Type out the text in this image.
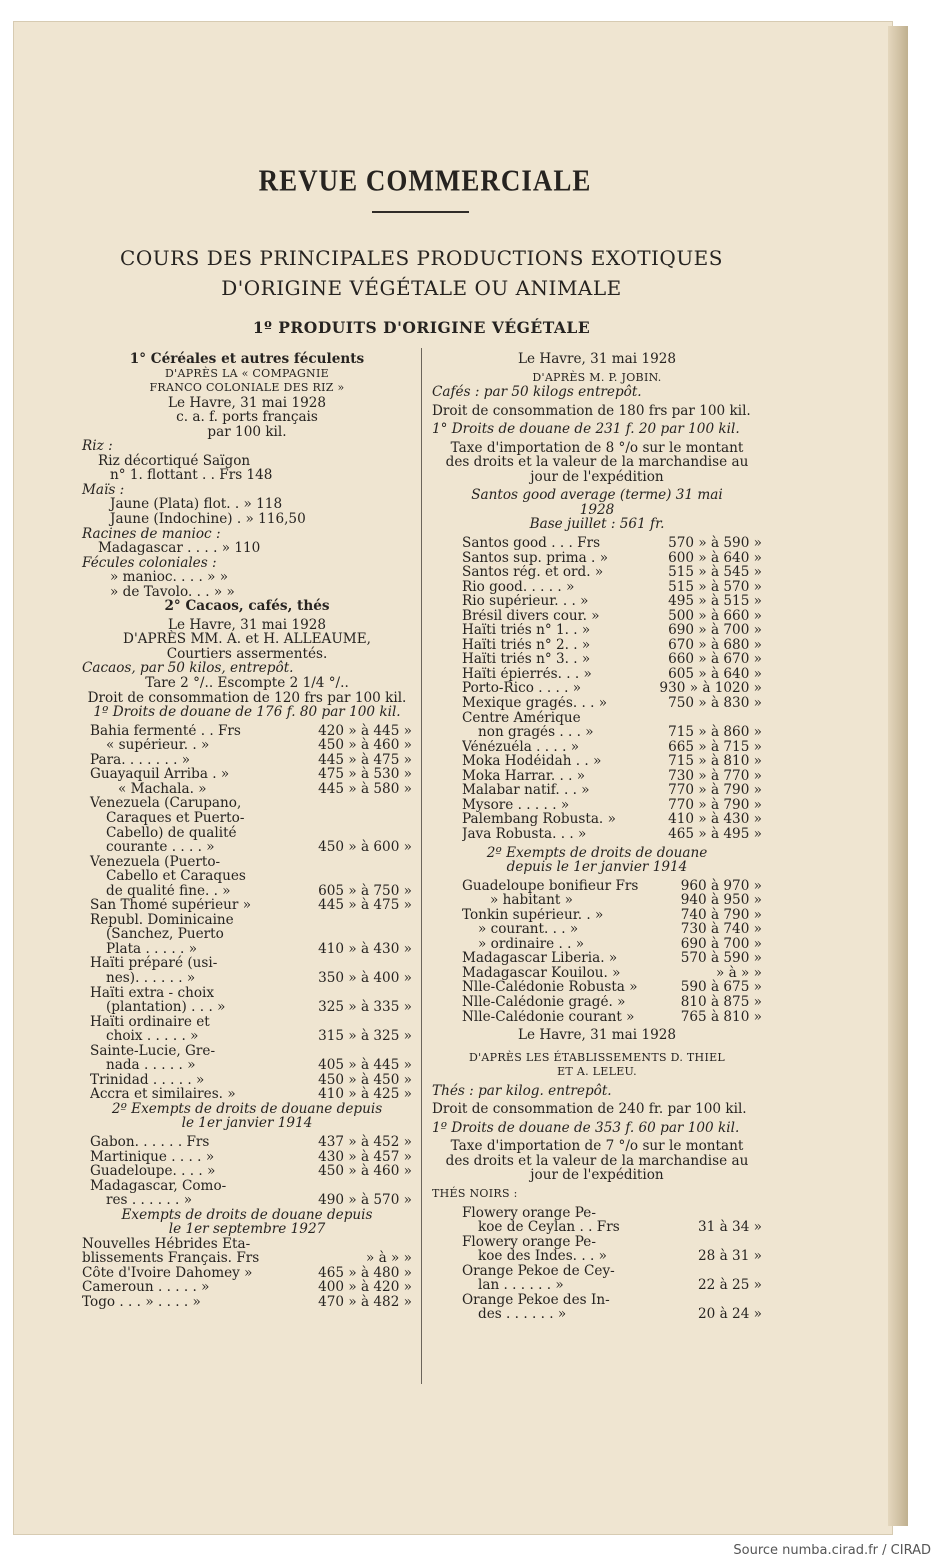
REVUE COMMERCIALE
COURS DES PRINCIPALES PRODUCTIONS EXOTIQUES
D'ORIGINE VÉGÉTALE OU ANIMALE
1º PRODUITS D'ORIGINE VÉGÉTALE
1° Céréales et autres féculents
D'APRÈS LA « COMPAGNIE
FRANCO COLONIALE DES RIZ »
Le Havre, 31 mai 1928
c. a. f. ports français
par 100 kil.
Riz :
Riz décortiqué Saïgon
n° 1. flottant . . Frs 148
Maïs :
Jaune (Plata) flot. . » 118
Jaune (Indochine) . » 116,50
Racines de manioc :
Madagascar . . . . » 110
Fécules coloniales :
» manioc. . . . » »
» de Tavolo. . . » »
2° Cacaos, cafés, thés
Le Havre, 31 mai 1928
D'APRÈS MM. A. et H. ALLEAUME,
Courtiers assermentés.
Cacaos, par 50 kilos, entrepôt.
Tare 2 °/.. Escompte 2 1/4 °/..
Droit de consommation de 120 frs par 100 kil.
1º Droits de douane de 176 f. 80 par 100 kil.
Bahia fermenté . . Frs	420 » à 445 »
« supérieur. . »	450 » à 460 »
Para. . . . . . . »	445 » à 475 »
Guayaquil Arriba . »	475 » à 530 »
« Machala. »	445 » à 580 »
Venezuela (Carupano,
Caraques et Puerto-
Cabello) de qualité
courante . . . . »	450 » à 600 »
Venezuela (Puerto-
Cabello et Caraques
de qualité fine. . »	605 » à 750 »
San Thomé supérieur »	445 » à 475 »
Republ. Dominicaine
(Sanchez, Puerto
Plata . . . . . »	410 » à 430 »
Haïti préparé (usi-
nes). . . . . . »	350 » à 400 »
Haïti extra - choix
(plantation) . . . »	325 » à 335 »
Haïti ordinaire et
choix . . . . . »	315 » à 325 »
Sainte-Lucie, Gre-
nada . . . . . »	405 » à 445 »
Trinidad . . . . . »	450 » à 450 »
Accra et similaires. »	410 » à 425 »
2º Exempts de droits de douane depuis
le 1er janvier 1914
Gabon. . . . . . Frs	437 » à 452 »
Martinique . . . . »	430 » à 457 »
Guadeloupe. . . . »	450 » à 460 »
Madagascar, Como-
res . . . . . . »	490 » à 570 »
Exempts de droits de douane depuis
le 1er septembre 1927
Nouvelles Hébrides Eta-
blissements Français. Frs	» à » »
Côte d'Ivoire Dahomey »	465 » à 480 »
Cameroun . . . . . »	400 » à 420 »
Togo . . . » . . . . »	470 » à 482 »
Le Havre, 31 mai 1928
D'APRÈS M. P. JOBIN.
Cafés : par 50 kilogs entrepôt.
Droit de consommation de 180 frs par 100 kil.
1° Droits de douane de 231 f. 20 par 100 kil.
Taxe d'importation de 8 °/o sur le montant
des droits et la valeur de la marchandise au
jour de l'expédition
Santos good average (terme) 31 mai
1928
Base juillet : 561 fr.
Santos good . . . Frs	570 » à 590 »
Santos sup. prima . »	600 » à 640 »
Santos rég. et ord. »	515 » à 545 »
Rio good. . . . . »	515 » à 570 »
Rio supérieur. . . »	495 » à 515 »
Brésil divers cour. »	500 » à 660 »
Haïti triés n° 1. . »	690 » à 700 »
Haïti triés n° 2. . »	670 » à 680 »
Haïti triés n° 3. . »	660 » à 670 »
Haïti épierrés. . . »	605 » à 640 »
Porto-Rico . . . . »	930 » à 1020 »
Mexique gragés. . . »	750 » à 830 »
Centre Amérique
non gragés . . . »	715 » à 860 »
Vénézuéla . . . . »	665 » à 715 »
Moka Hodéidah . . »	715 » à 810 »
Moka Harrar. . . »	730 » à 770 »
Malabar natif. . . »	770 » à 790 »
Mysore . . . . . »	770 » à 790 »
Palembang Robusta. »	410 » à 430 »
Java Robusta. . . »	465 » à 495 »
2º Exempts de droits de douane
depuis le 1er janvier 1914
Guadeloupe bonifieur Frs	960 à 970 »
» habitant »	940 à 950 »
Tonkin supérieur. . »	740 à 790 »
» courant. . . »	730 à 740 »
» ordinaire . . »	690 à 700 »
Madagascar Liberia. »	570 à 590 »
Madagascar Kouilou. »	» à » »
Nlle-Calédonie Robusta »	590 à 675 »
Nlle-Calédonie gragé. »	810 à 875 »
Nlle-Calédonie courant »	765 à 810 »
Le Havre, 31 mai 1928
D'APRÈS LES ÉTABLISSEMENTS D. THIEL
ET A. LELEU.
Thés : par kilog. entrepôt.
Droit de consommation de 240 fr. par 100 kil.
1º Droits de douane de 353 f. 60 par 100 kil.
Taxe d'importation de 7 °/o sur le montant
des droits et la valeur de la marchandise au
jour de l'expédition
THÉS NOIRS :
Flowery orange Pe-
koe de Ceylan . . Frs	31 à 34 »
Flowery orange Pe-
koe des Indes. . . »	28 à 31 »
Orange Pekoe de Cey-
lan . . . . . . »	22 à 25 »
Orange Pekoe des In-
des . . . . . . »	20 à 24 »
Source numba.cirad.fr / CIRAD
